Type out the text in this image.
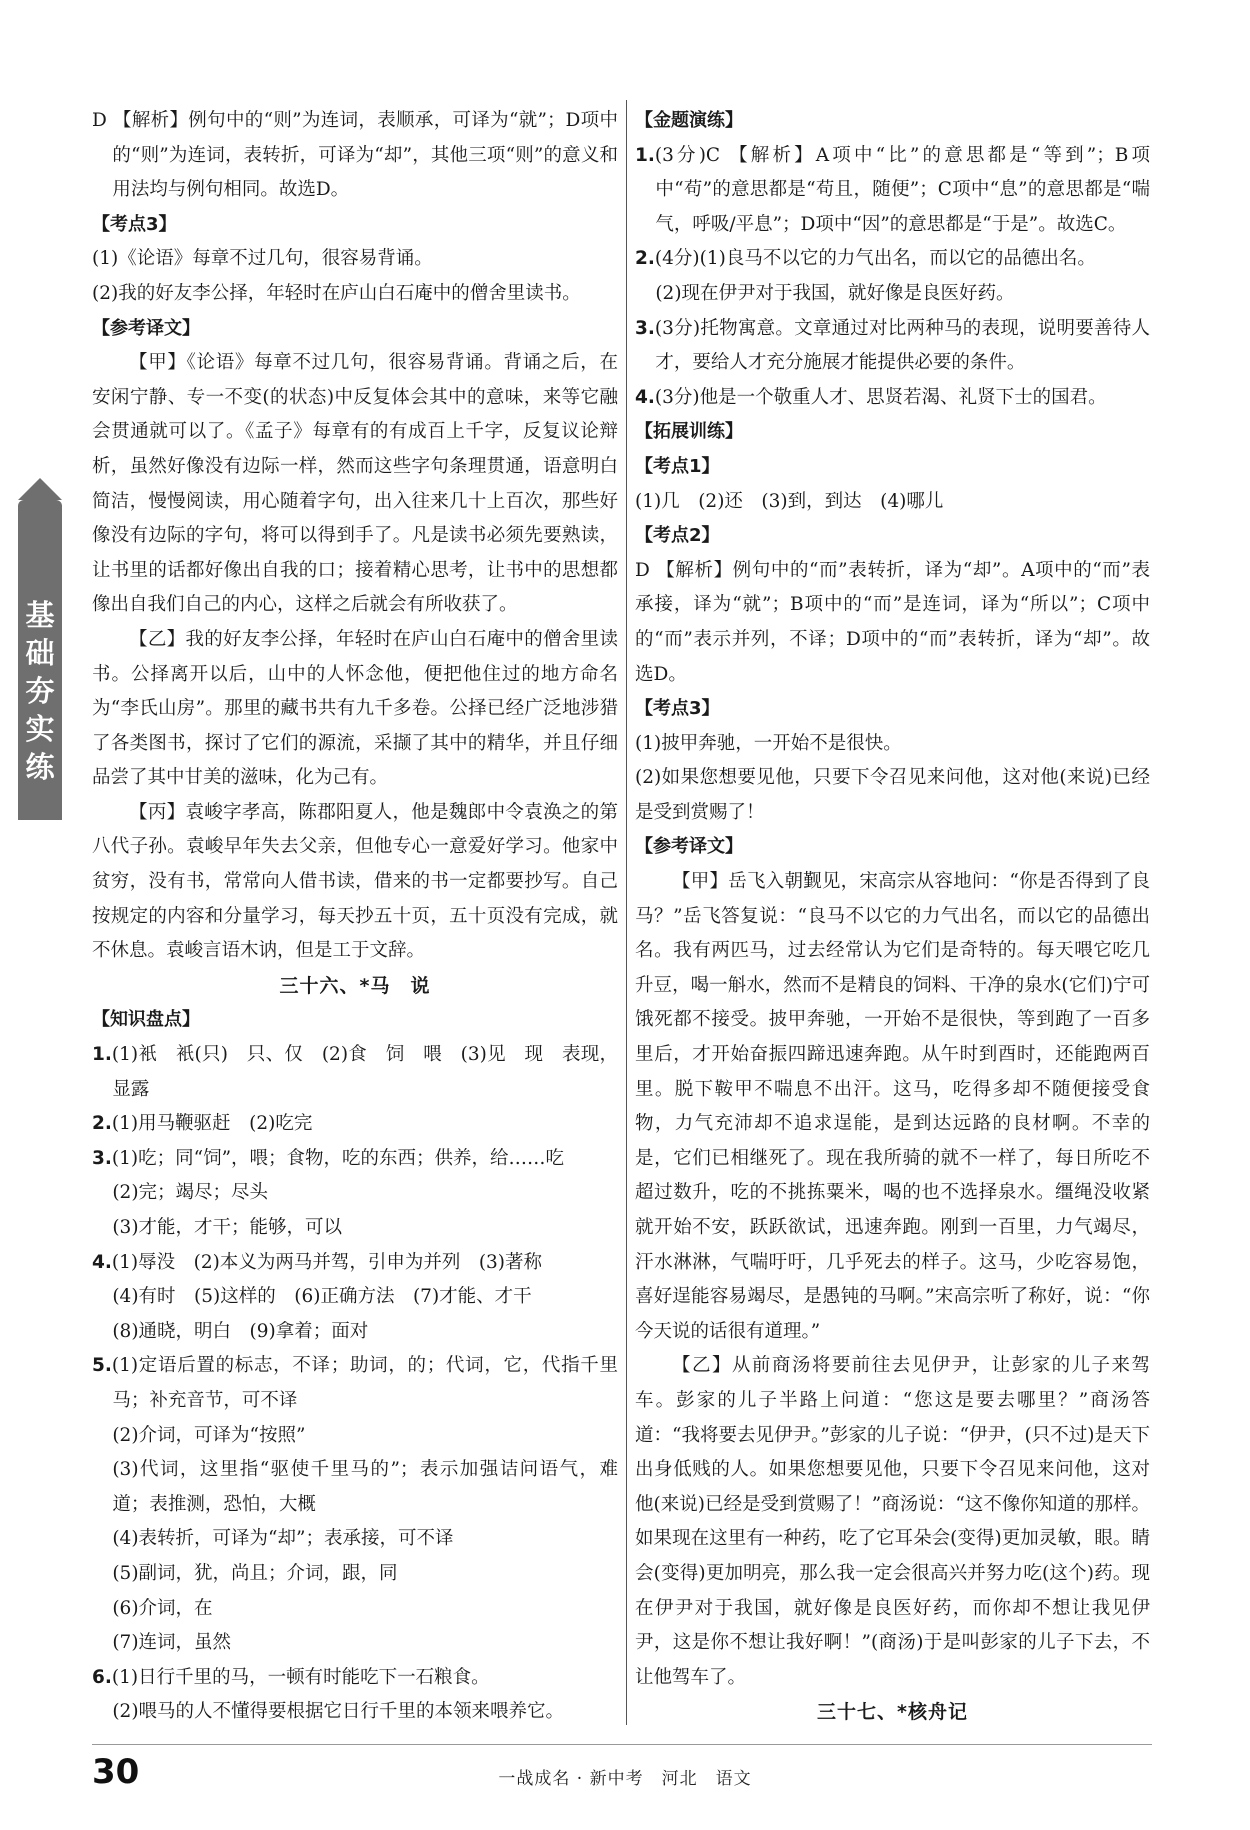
基础夯实练

D 【解析】例句中的“则”为连词，表顺承，可译为“就”；D项中的“则”为连词，表转折，可译为“却”，其他三项“则”的意义和用法均与例句相同。故选D。

【考点3】

(1)《论语》每章不过几句，很容易背诵。

(2)我的好友李公择，年轻时在庐山白石庵中的僧舍里读书。

【参考译文】

【甲】《论语》每章不过几句，很容易背诵。背诵之后，在安闲宁静、专一不变(的状态)中反复体会其中的意味，来等它融会贯通就可以了。《孟子》每章有的有成百上千字，反复议论辩析，虽然好像没有边际一样，然而这些字句条理贯通，语意明白简洁，慢慢阅读，用心随着字句，出入往来几十上百次，那些好像没有边际的字句，将可以得到手了。凡是读书必须先要熟读，让书里的话都好像出自我的口；接着精心思考，让书中的思想都像出自我们自己的内心，这样之后就会有所收获了。

【乙】我的好友李公择，年轻时在庐山白石庵中的僧舍里读书。公择离开以后，山中的人怀念他，便把他住过的地方命名为“李氏山房”。那里的藏书共有九千多卷。公择已经广泛地涉猎了各类图书，探讨了它们的源流，采撷了其中的精华，并且仔细品尝了其中甘美的滋味，化为己有。

【丙】袁峻字孝高，陈郡阳夏人，他是魏郎中令袁涣之的第八代子孙。袁峻早年失去父亲，但他专心一意爱好学习。他家中贫穷，没有书，常常向人借书读，借来的书一定都要抄写。自己按规定的内容和分量学习，每天抄五十页，五十页没有完成，就不休息。袁峻言语木讷，但是工于文辞。

三十六、*马　说

【知识盘点】

1.(1)衹　衹(只)　只、仅　(2)食　饲　喂　(3)见　现　表现，显露

2.(1)用马鞭驱赶　(2)吃完

3.(1)吃；同“饲”，喂；食物，吃的东西；供养，给……吃

(2)完；竭尽；尽头

(3)才能，才干；能够，可以

4.(1)辱没　(2)本义为两马并驾，引申为并列　(3)著称

(4)有时　(5)这样的　(6)正确方法　(7)才能、才干

(8)通晓，明白　(9)拿着；面对

5.(1)定语后置的标志，不译；助词，的；代词，它，代指千里马；补充音节，可不译

(2)介词，可译为“按照”

(3)代词，这里指“驱使千里马的”；表示加强诘问语气，难道；表推测，恐怕，大概

(4)表转折，可译为“却”；表承接，可不译

(5)副词，犹，尚且；介词，跟，同

(6)介词，在

(7)连词，虽然

6.(1)日行千里的马，一顿有时能吃下一石粮食。

(2)喂马的人不懂得要根据它日行千里的本领来喂养它。

【金题演练】

1.(3分)C 【解析】A项中“比”的意思都是“等到”；B项中“苟”的意思都是“苟且，随便”；C项中“息”的意思都是“喘气，呼吸/平息”；D项中“因”的意思都是“于是”。故选C。

2.(4分)(1)良马不以它的力气出名，而以它的品德出名。

(2)现在伊尹对于我国，就好像是良医好药。

3.(3分)托物寓意。文章通过对比两种马的表现，说明要善待人才，要给人才充分施展才能提供必要的条件。

4.(3分)他是一个敬重人才、思贤若渴、礼贤下士的国君。

【拓展训练】

【考点1】

(1)几　(2)还　(3)到，到达　(4)哪儿

【考点2】

D 【解析】例句中的“而”表转折，译为“却”。A项中的“而”表承接，译为“就”；B项中的“而”是连词，译为“所以”；C项中的“而”表示并列，不译；D项中的“而”表转折，译为“却”。故选D。

【考点3】

(1)披甲奔驰，一开始不是很快。

(2)如果您想要见他，只要下令召见来问他，这对他(来说)已经是受到赏赐了！

【参考译文】

【甲】岳飞入朝觐见，宋高宗从容地问：“你是否得到了良马？”岳飞答复说：“良马不以它的力气出名，而以它的品德出名。我有两匹马，过去经常认为它们是奇特的。每天喂它吃几升豆，喝一斛水，然而不是精良的饲料、干净的泉水(它们)宁可饿死都不接受。披甲奔驰，一开始不是很快，等到跑了一百多里后，才开始奋振四蹄迅速奔跑。从午时到酉时，还能跑两百里。脱下鞍甲不喘息不出汗。这马，吃得多却不随便接受食物，力气充沛却不追求逞能，是到达远路的良材啊。不幸的是，它们已相继死了。现在我所骑的就不一样了，每日所吃不超过数升，吃的不挑拣粟米，喝的也不选择泉水。缰绳没收紧就开始不安，跃跃欲试，迅速奔跑。刚到一百里，力气竭尽，汗水淋淋，气喘吁吁，几乎死去的样子。这马，少吃容易饱，喜好逞能容易竭尽，是愚钝的马啊。”宋高宗听了称好，说：“你今天说的话很有道理。”

【乙】从前商汤将要前往去见伊尹，让彭家的儿子来驾车。彭家的儿子半路上问道：“您这是要去哪里？”商汤答道：“我将要去见伊尹。”彭家的儿子说：“伊尹，(只不过)是天下出身低贱的人。如果您想要见他，只要下令召见来问他，这对他(来说)已经是受到赏赐了！”商汤说：“这不像你知道的那样。如果现在这里有一种药，吃了它耳朵会(变得)更加灵敏，眼。睛会(变得)更加明亮，那么我一定会很高兴并努力吃(这个)药。现在伊尹对于我国，就好像是良医好药，而你却不想让我见伊尹，这是你不想让我好啊！”(商汤)于是叫彭家的儿子下去，不让他驾车了。

三十七、*核舟记

30	一战成名 · 新中考　河北　语文
